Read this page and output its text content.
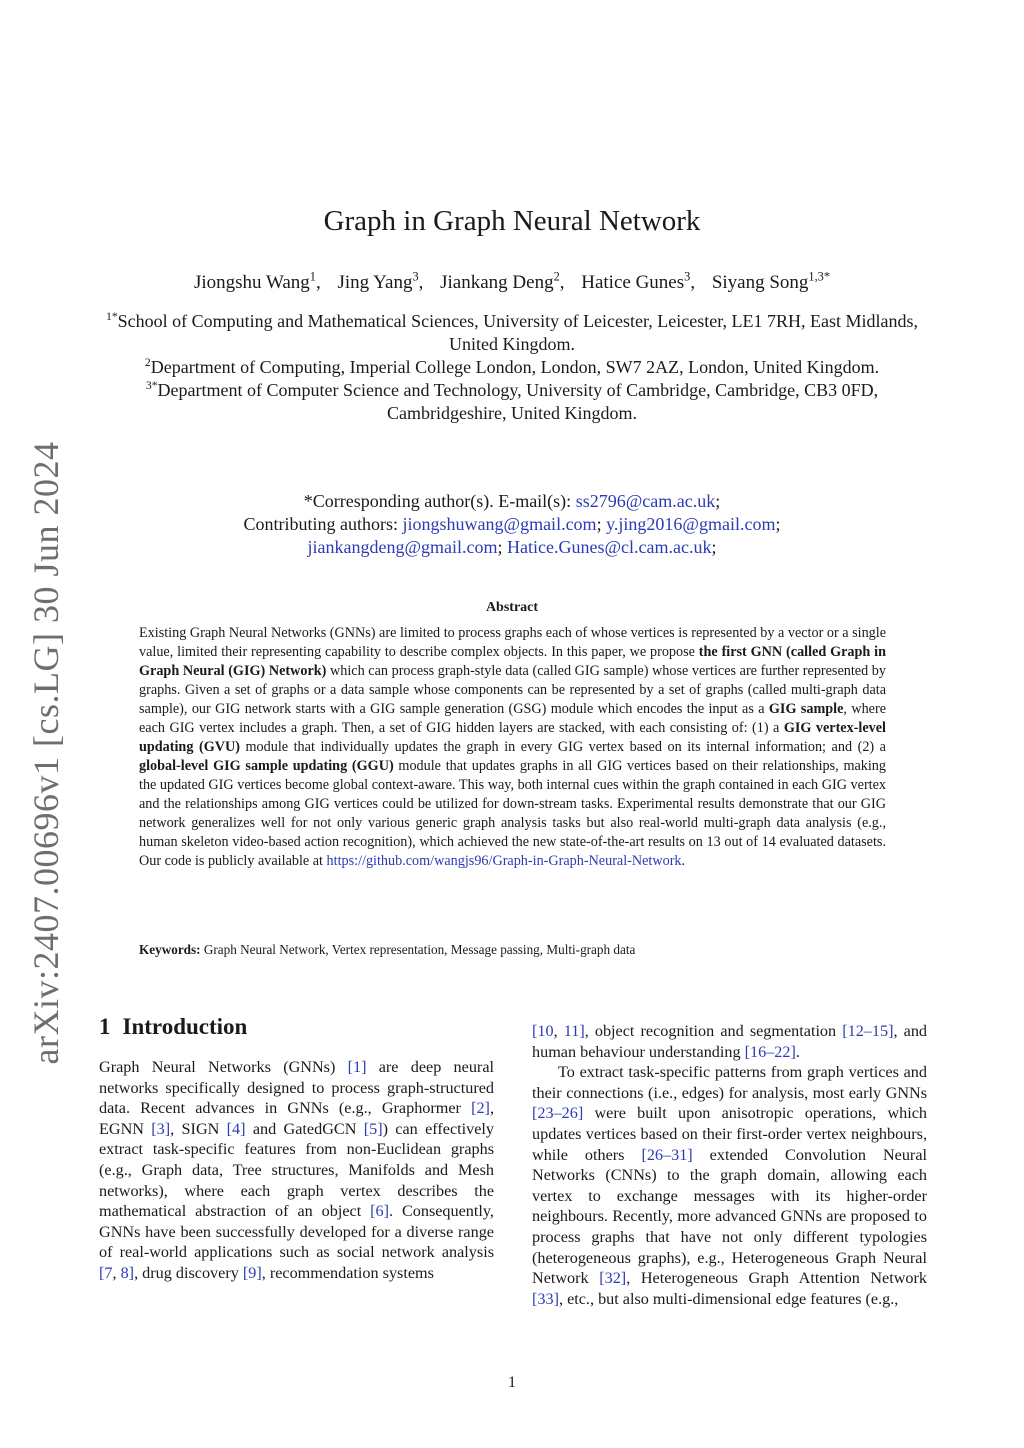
arXiv:2407.00696v1 [cs.LG] 30 Jun 2024
Graph in Graph Neural Network
Jiongshu Wang$^1$, Jing Yang$^3$, Jiankang Deng$^2$, Hatice Gunes$^3$, Siyang Song$^{1,3*}$

$^{1*}$School of Computing and Mathematical Sciences, University of Leicester, Leicester, LE1 7RH, East Midlands, United Kingdom.

$^2$Department of Computing, Imperial College London, London, SW7 2AZ, London, United Kingdom.

$^{3*}$Department of Computer Science and Technology, University of Cambridge, Cambridge, CB3 0FD, Cambridgeshire, United Kingdom.

*Corresponding author(s). E-mail(s): ss2796@cam.ac.uk;

Contributing authors: jiongshuwang@gmail.com; y.jing2016@gmail.com;

jiankangdeng@gmail.com; Hatice.Gunes@cl.cam.ac.uk;

Abstract
Existing Graph Neural Networks (GNNs) are limited to process graphs each of whose vertices is represented by a vector or a single value, limited their representing capability to describe complex objects. In this paper, we propose the first GNN (called Graph in Graph Neural (GIG) Network) which can process graph-style data (called GIG sample) whose vertices are further represented by graphs. Given a set of graphs or a data sample whose components can be represented by a set of graphs (called multi-graph data sample), our GIG network starts with a GIG sample generation (GSG) module which encodes the input as a GIG sample, where each GIG vertex includes a graph. Then, a set of GIG hidden layers are stacked, with each consisting of: (1) a GIG vertex-level updating (GVU) module that individually updates the graph in every GIG vertex based on its internal information; and (2) a global-level GIG sample updating (GGU) module that updates graphs in all GIG vertices based on their relationships, making the updated GIG vertices become global context-aware. This way, both internal cues within the graph contained in each GIG vertex and the relationships among GIG vertices could be utilized for down-stream tasks. Experimental results demonstrate that our GIG network generalizes well for not only various generic graph analysis tasks but also real-world multi-graph data analysis (e.g., human skeleton video-based action recognition), which achieved the new state-of-the-art results on 13 out of 14 evaluated datasets. Our code is publicly available at https://github.com/wangjs96/Graph-in-Graph-Neural-Network.
Keywords: Graph Neural Network, Vertex representation, Message passing, Multi-graph data
1 Introduction

Graph Neural Networks (GNNs) [1] are deep neural networks specifically designed to process graph-structured data. Recent advances in GNNs (e.g., Graphormer [2], EGNN [3], SIGN [4] and GatedGCN [5]) can effectively extract task-specific features from non-Euclidean graphs (e.g., Graph data, Tree structures, Manifolds and Mesh networks), where each graph vertex describes the mathematical abstraction of an object [6]. Consequently, GNNs have been successfully developed for a diverse range of real-world applications such as social network analysis [7, 8], drug discovery [9], recommendation systems

[10, 11], object recognition and segmentation [12–15], and human behaviour understanding [16–22].

To extract task-specific patterns from graph vertices and their connections (i.e., edges) for analysis, most early GNNs [23–26] were built upon anisotropic operations, which updates vertices based on their first-order vertex neighbours, while others [26–31] extended Convolution Neural Networks (CNNs) to the graph domain, allowing each vertex to exchange messages with its higher-order neighbours. Recently, more advanced GNNs are proposed to process graphs that have not only different typologies (heterogeneous graphs), e.g., Heterogeneous Graph Neural Network [32], Heterogeneous Graph Attention Network [33], etc., but also multi-dimensional edge features (e.g.,

1
